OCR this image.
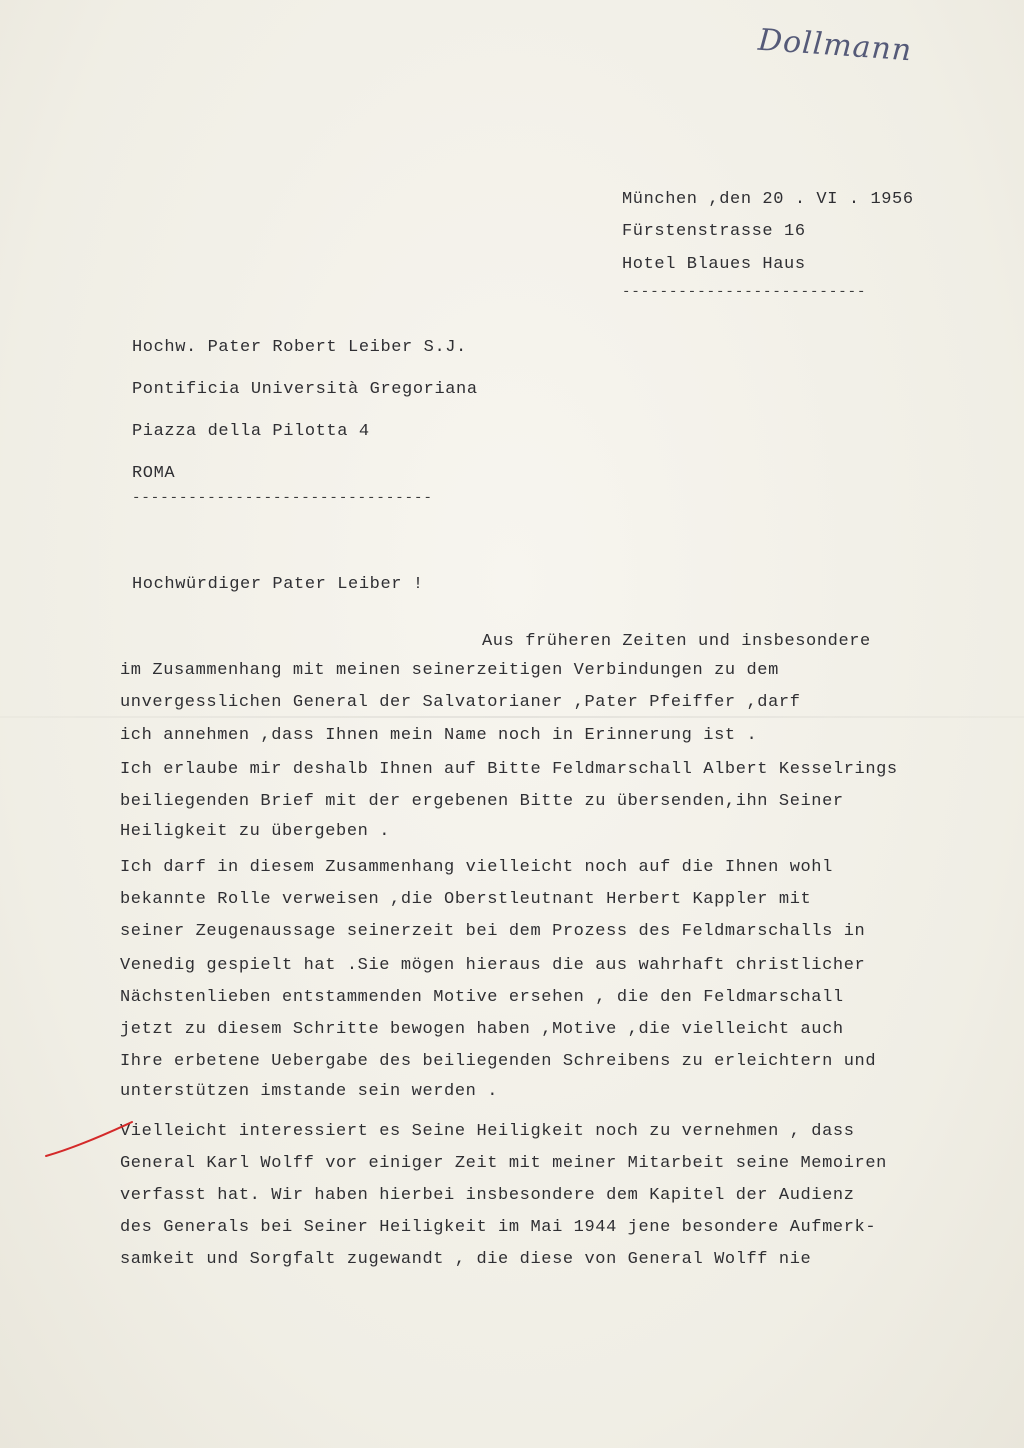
Dollmann
München ,den 20 . VI . 1956
Fürstenstrasse 16
Hotel Blaues Haus
--------------------------
Hochw. Pater Robert Leiber S.J.
Pontificia Università Gregoriana
Piazza della Pilotta 4
ROMA
--------------------------------
Hochwürdiger Pater Leiber !
Aus früheren Zeiten und insbesondere
im Zusammenhang mit meinen seinerzeitigen Verbindungen zu dem
unvergesslichen General der Salvatorianer ,Pater Pfeiffer ,darf
ich annehmen ,dass Ihnen mein Name noch in Erinnerung ist .
Ich erlaube mir deshalb Ihnen auf Bitte Feldmarschall Albert Kesselrings
beiliegenden Brief mit der ergebenen Bitte zu übersenden,ihn Seiner
Heiligkeit zu übergeben .
Ich darf in diesem Zusammenhang vielleicht noch auf die Ihnen wohl
bekannte Rolle verweisen ,die Oberstleutnant Herbert Kappler mit
seiner Zeugenaussage seinerzeit bei dem Prozess des Feldmarschalls in
Venedig gespielt hat .Sie mögen hieraus die aus wahrhaft christlicher
Nächstenlieben entstammenden Motive ersehen , die den Feldmarschall
jetzt zu diesem Schritte bewogen haben ,Motive ,die vielleicht auch
Ihre erbetene Uebergabe des beiliegenden Schreibens zu erleichtern und
unterstützen imstande sein werden .
Vielleicht interessiert es Seine Heiligkeit noch zu vernehmen , dass
General Karl Wolff vor einiger Zeit mit meiner Mitarbeit seine Memoiren
verfasst hat. Wir haben hierbei insbesondere dem Kapitel der Audienz
des Generals bei Seiner Heiligkeit im Mai 1944 jene besondere Aufmerk-
samkeit und Sorgfalt zugewandt , die diese von General Wolff nie
